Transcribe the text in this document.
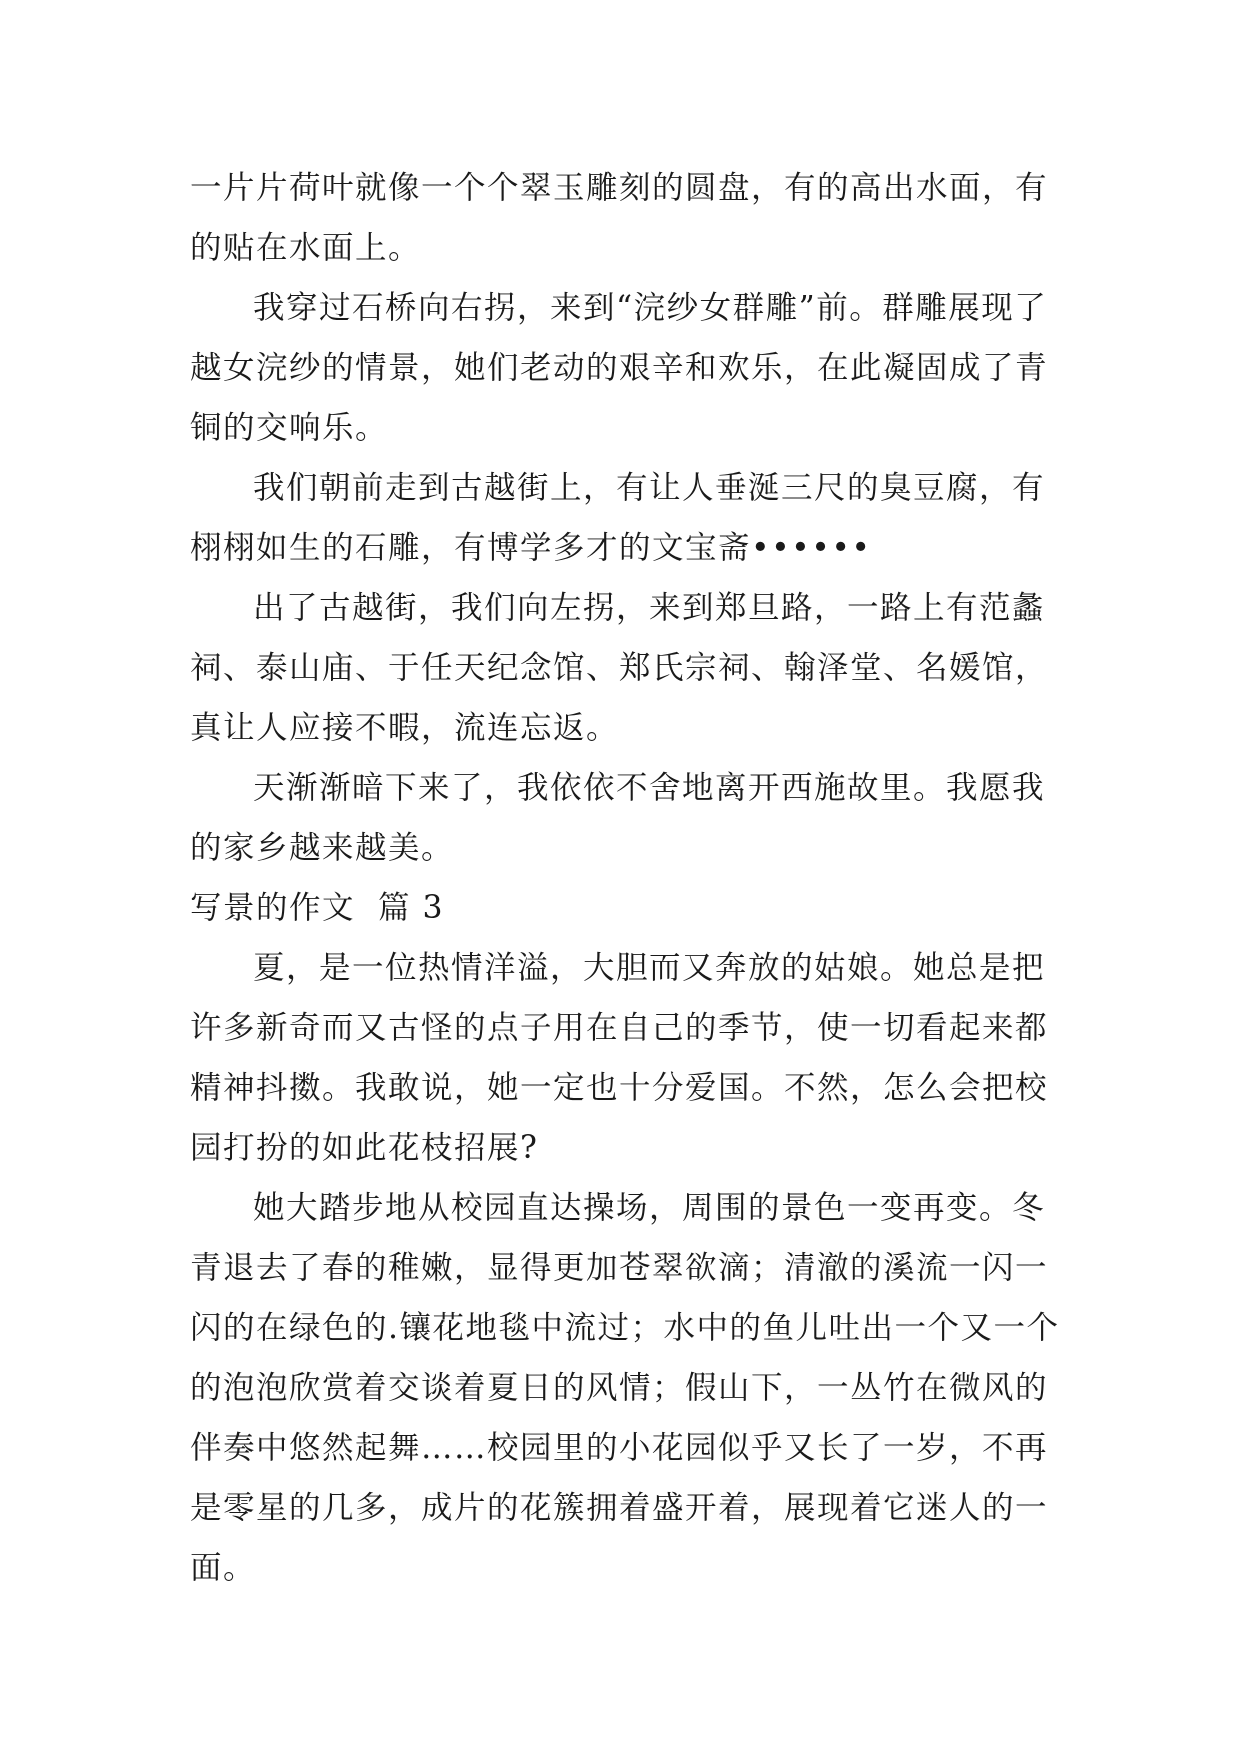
一片片荷叶就像一个个翠玉雕刻的圆盘，有的高出水面，有的贴在水面上。

我穿过石桥向右拐，来到“浣纱女群雕”前。群雕展现了越女浣纱的情景，她们老动的艰辛和欢乐，在此凝固成了青铜的交响乐。

我们朝前走到古越街上，有让人垂涎三尺的臭豆腐，有栩栩如生的石雕，有博学多才的文宝斋••••••

出了古越街，我们向左拐，来到郑旦路，一路上有范蠡祠、泰山庙、于任天纪念馆、郑氏宗祠、翰泽堂、名媛馆，真让人应接不暇，流连忘返。

天渐渐暗下来了，我依依不舍地离开西施故里。我愿我的家乡越来越美。

写景的作文  篇 3

夏，是一位热情洋溢，大胆而又奔放的姑娘。她总是把许多新奇而又古怪的点子用在自己的季节，使一切看起来都精神抖擞。我敢说，她一定也十分爱国。不然，怎么会把校园打扮的如此花枝招展?

她大踏步地从校园直达操场，周围的景色一变再变。冬青退去了春的稚嫩，显得更加苍翠欲滴；清澈的溪流一闪一闪的在绿色的.镶花地毯中流过；水中的鱼儿吐出一个又一个的泡泡欣赏着交谈着夏日的风情；假山下，一丛竹在微风的伴奏中悠然起舞……校园里的小花园似乎又长了一岁，不再是零星的几多，成片的花簇拥着盛开着，展现着它迷人的一面。
